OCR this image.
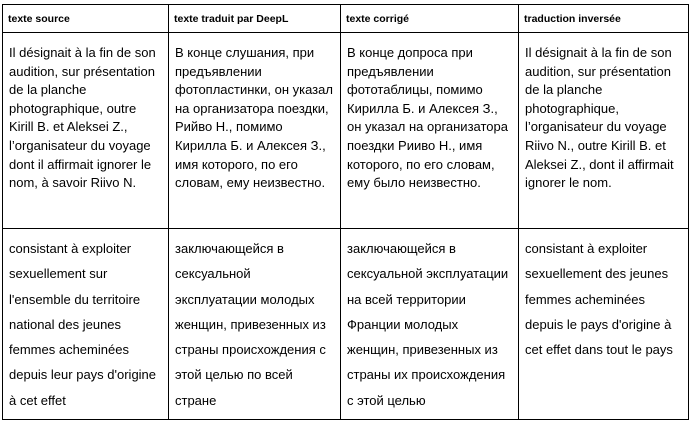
texte source	texte traduit par DeepL	texte corrigé	traduction inversée

Il désignait à la fin de son audition, sur présentation de la planche photographique, outre Kirill B. et Aleksei Z., l’organisateur du voyage dont il affirmait ignorer le nom, à savoir Riivo N.	В конце слушания, при предъявлении фотопластинки, он указал на организатора поездки, Рийво Н., помимо Кирилла Б. и Алексея З., имя которого, по его словам, ему неизвестно.	В конце допроса при предъявлении фототаблицы, помимо Кирилла Б. и Алексея З., он указал на организатора поездки Рииво Н., имя которого, по его словам, ему было неизвестно.	Il désignait à la fin de son audition, sur présentation de la planche photographique, l’organisateur du voyage Riivo N., outre Kirill B. et Aleksei Z., dont il affirmait ignorer le nom.

consistant à exploiter sexuellement sur l'ensemble du territoire national des jeunes femmes acheminées depuis leur pays d'origine à cet effet	заключающейся в сексуальной эксплуатации молодых женщин, привезенных из страны происхождения с этой целью по всей стране	заключающейся в сексуальной эксплуатации на всей территории Франции молодых женщин, привезенных из страны их происхождения с этой целью	consistant à exploiter sexuellement des jeunes femmes acheminées depuis le pays d'origine à cet effet dans tout le pays
